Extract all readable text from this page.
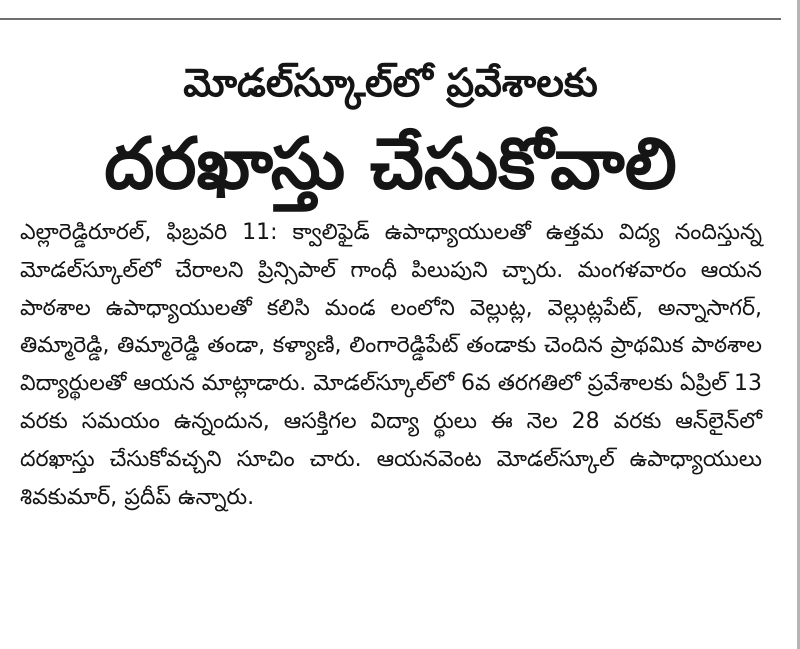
మోడల్‌స్కూల్‌లో ప్రవేశాలకు
దరఖాస్తు చేసుకోవాలి

ఎల్లారెడ్డిరూరల్‌, ఫిబ్రవరి 11: క్వాలిఫైడ్‌ ఉపాధ్యాయులతో ఉత్తమ విద్య నందిస్తున్న మోడల్‌స్కూల్‌లో చేరాలని ప్రిన్సిపాల్‌ గాంధీ పిలుపుని చ్చారు. మంగళవారం ఆయన పాఠశాల ఉపాధ్యాయులతో కలిసి మండ లంలోని వెల్లుట్ల, వెల్లుట్లపేట్‌, అన్నాసాగర్‌, తిమ్మారెడ్డి, తిమ్మారెడ్డి తండా, కళ్యాణి, లింగారెడ్డిపేట్‌ తండాకు చెందిన ప్రాథమిక పాఠశాల విద్యార్థులతో ఆయన మాట్లాడారు. మోడల్‌స్కూల్‌లో 6వ తరగతిలో ప్రవేశాలకు ఏప్రిల్‌ 13 వరకు సమయం ఉన్నందున, ఆసక్తిగల విద్యా ర్థులు ఈ నెల 28 వరకు ఆన్‌లైన్‌లో దరఖాస్తు చేసుకోవచ్చని సూచిం చారు. ఆయనవెంట మోడల్‌స్కూల్‌ ఉపాధ్యాయులు శివకుమార్‌, ప్రదీప్‌ ఉన్నారు.
